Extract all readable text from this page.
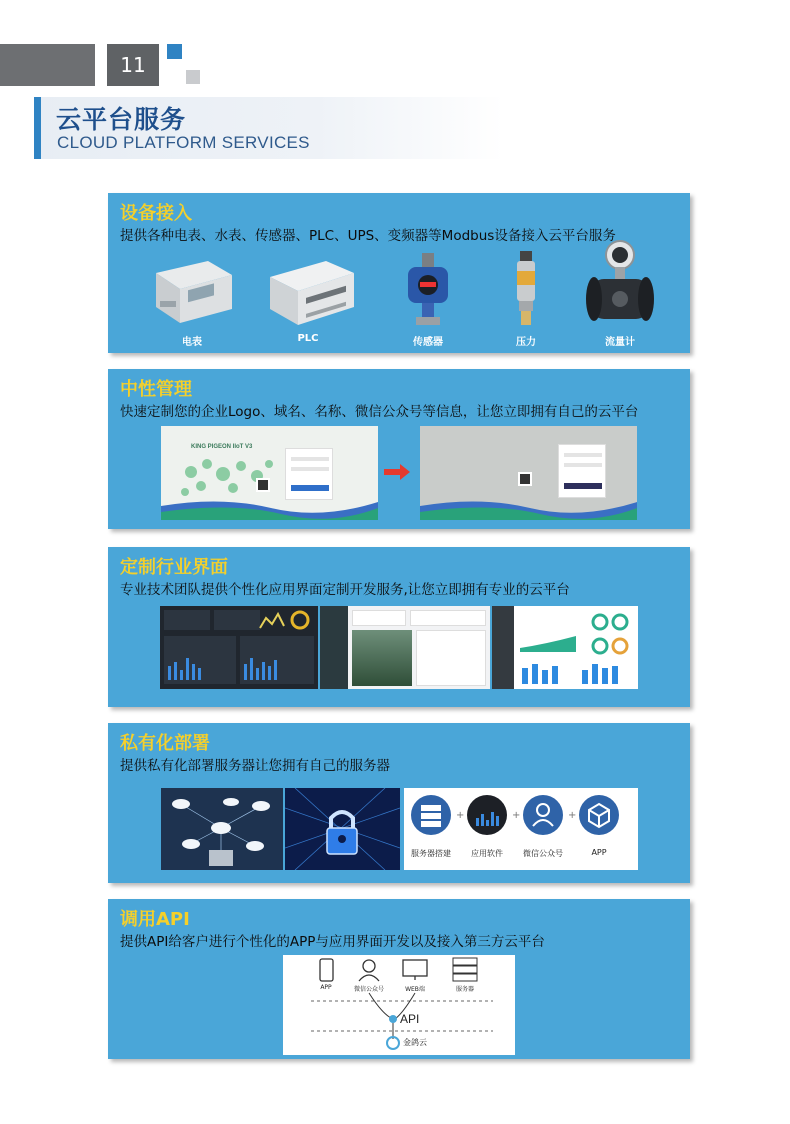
11
云平台服务
CLOUD PLATFORM SERVICES
设备接入
提供各种电表、水表、传感器、PLC、UPS、变频器等Modbus设备接入云平台服务
电表	PLC	传感器	压力	流量计
中性管理
快速定制您的企业Logo、域名、名称、微信公众号等信息，让您立即拥有自己的云平台
KING PIGEON IIoT V3
定制行业界面
专业技术团队提供个性化应用界面定制开发服务,让您立即拥有专业的云平台
私有化部署
提供私有化部署服务器让您拥有自己的服务器
+	+	+
服务器搭建	应用软件	微信公众号	APP
调用API
提供API给客户进行个性化的APP与应用界面开发以及接入第三方云平台
APP	微信公众号	WEB端	服务器
API
金鸽云
